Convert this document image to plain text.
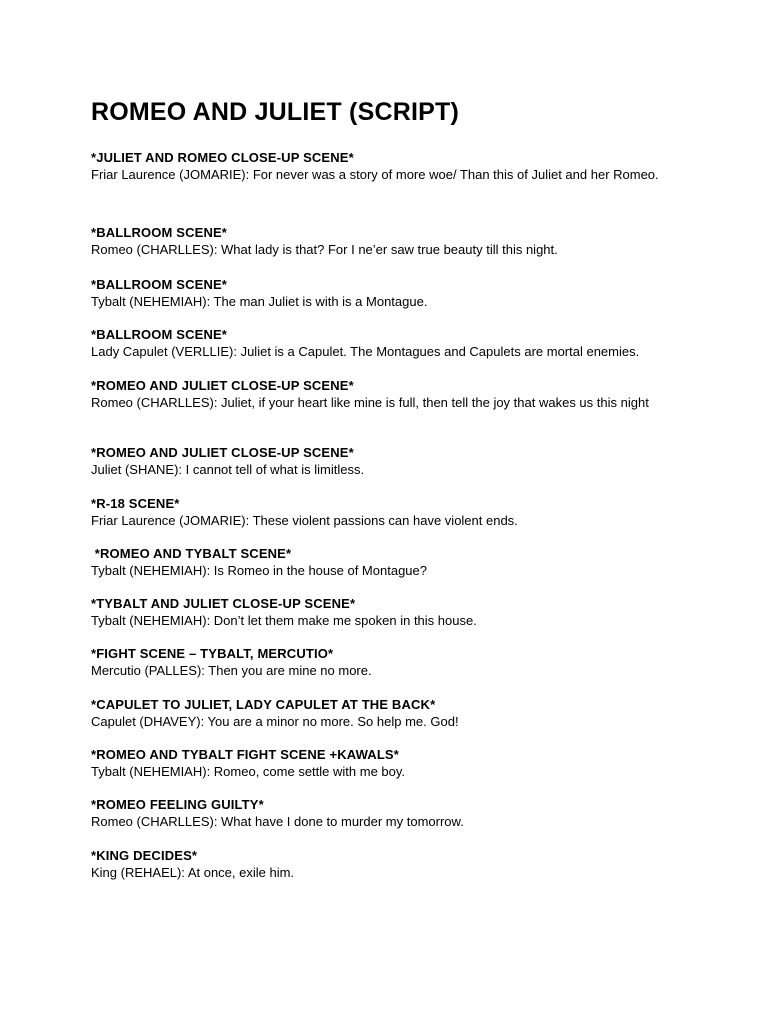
ROMEO AND JULIET (SCRIPT)
*JULIET AND ROMEO CLOSE-UP SCENE*
Friar Laurence (JOMARIE): For never was a story of more woe/ Than this of Juliet and her Romeo.
*BALLROOM SCENE*
Romeo (CHARLLES): What lady is that? For I ne’er saw true beauty till this night.
*BALLROOM SCENE*
Tybalt (NEHEMIAH): The man Juliet is with is a Montague.
*BALLROOM SCENE*
Lady Capulet (VERLLIE): Juliet is a Capulet. The Montagues and Capulets are mortal enemies.
*ROMEO AND JULIET CLOSE-UP SCENE*
Romeo (CHARLLES): Juliet, if your heart like mine is full, then tell the joy that wakes us this night
*ROMEO AND JULIET CLOSE-UP SCENE*
Juliet (SHANE): I cannot tell of what is limitless.
*R-18 SCENE*
Friar Laurence (JOMARIE): These violent passions can have violent ends.
*ROMEO AND TYBALT SCENE*
Tybalt (NEHEMIAH): Is Romeo in the house of Montague?
*TYBALT AND JULIET CLOSE-UP SCENE*
Tybalt (NEHEMIAH): Don’t let them make me spoken in this house.
*FIGHT SCENE – TYBALT, MERCUTIO*
Mercutio (PALLES): Then you are mine no more.
*CAPULET TO JULIET, LADY CAPULET AT THE BACK*
Capulet (DHAVEY): You are a minor no more. So help me. God!
*ROMEO AND TYBALT FIGHT SCENE +KAWALS*
Tybalt (NEHEMIAH): Romeo, come settle with me boy.
*ROMEO FEELING GUILTY*
Romeo (CHARLLES): What have I done to murder my tomorrow.
*KING DECIDES*
King (REHAEL): At once, exile him.
